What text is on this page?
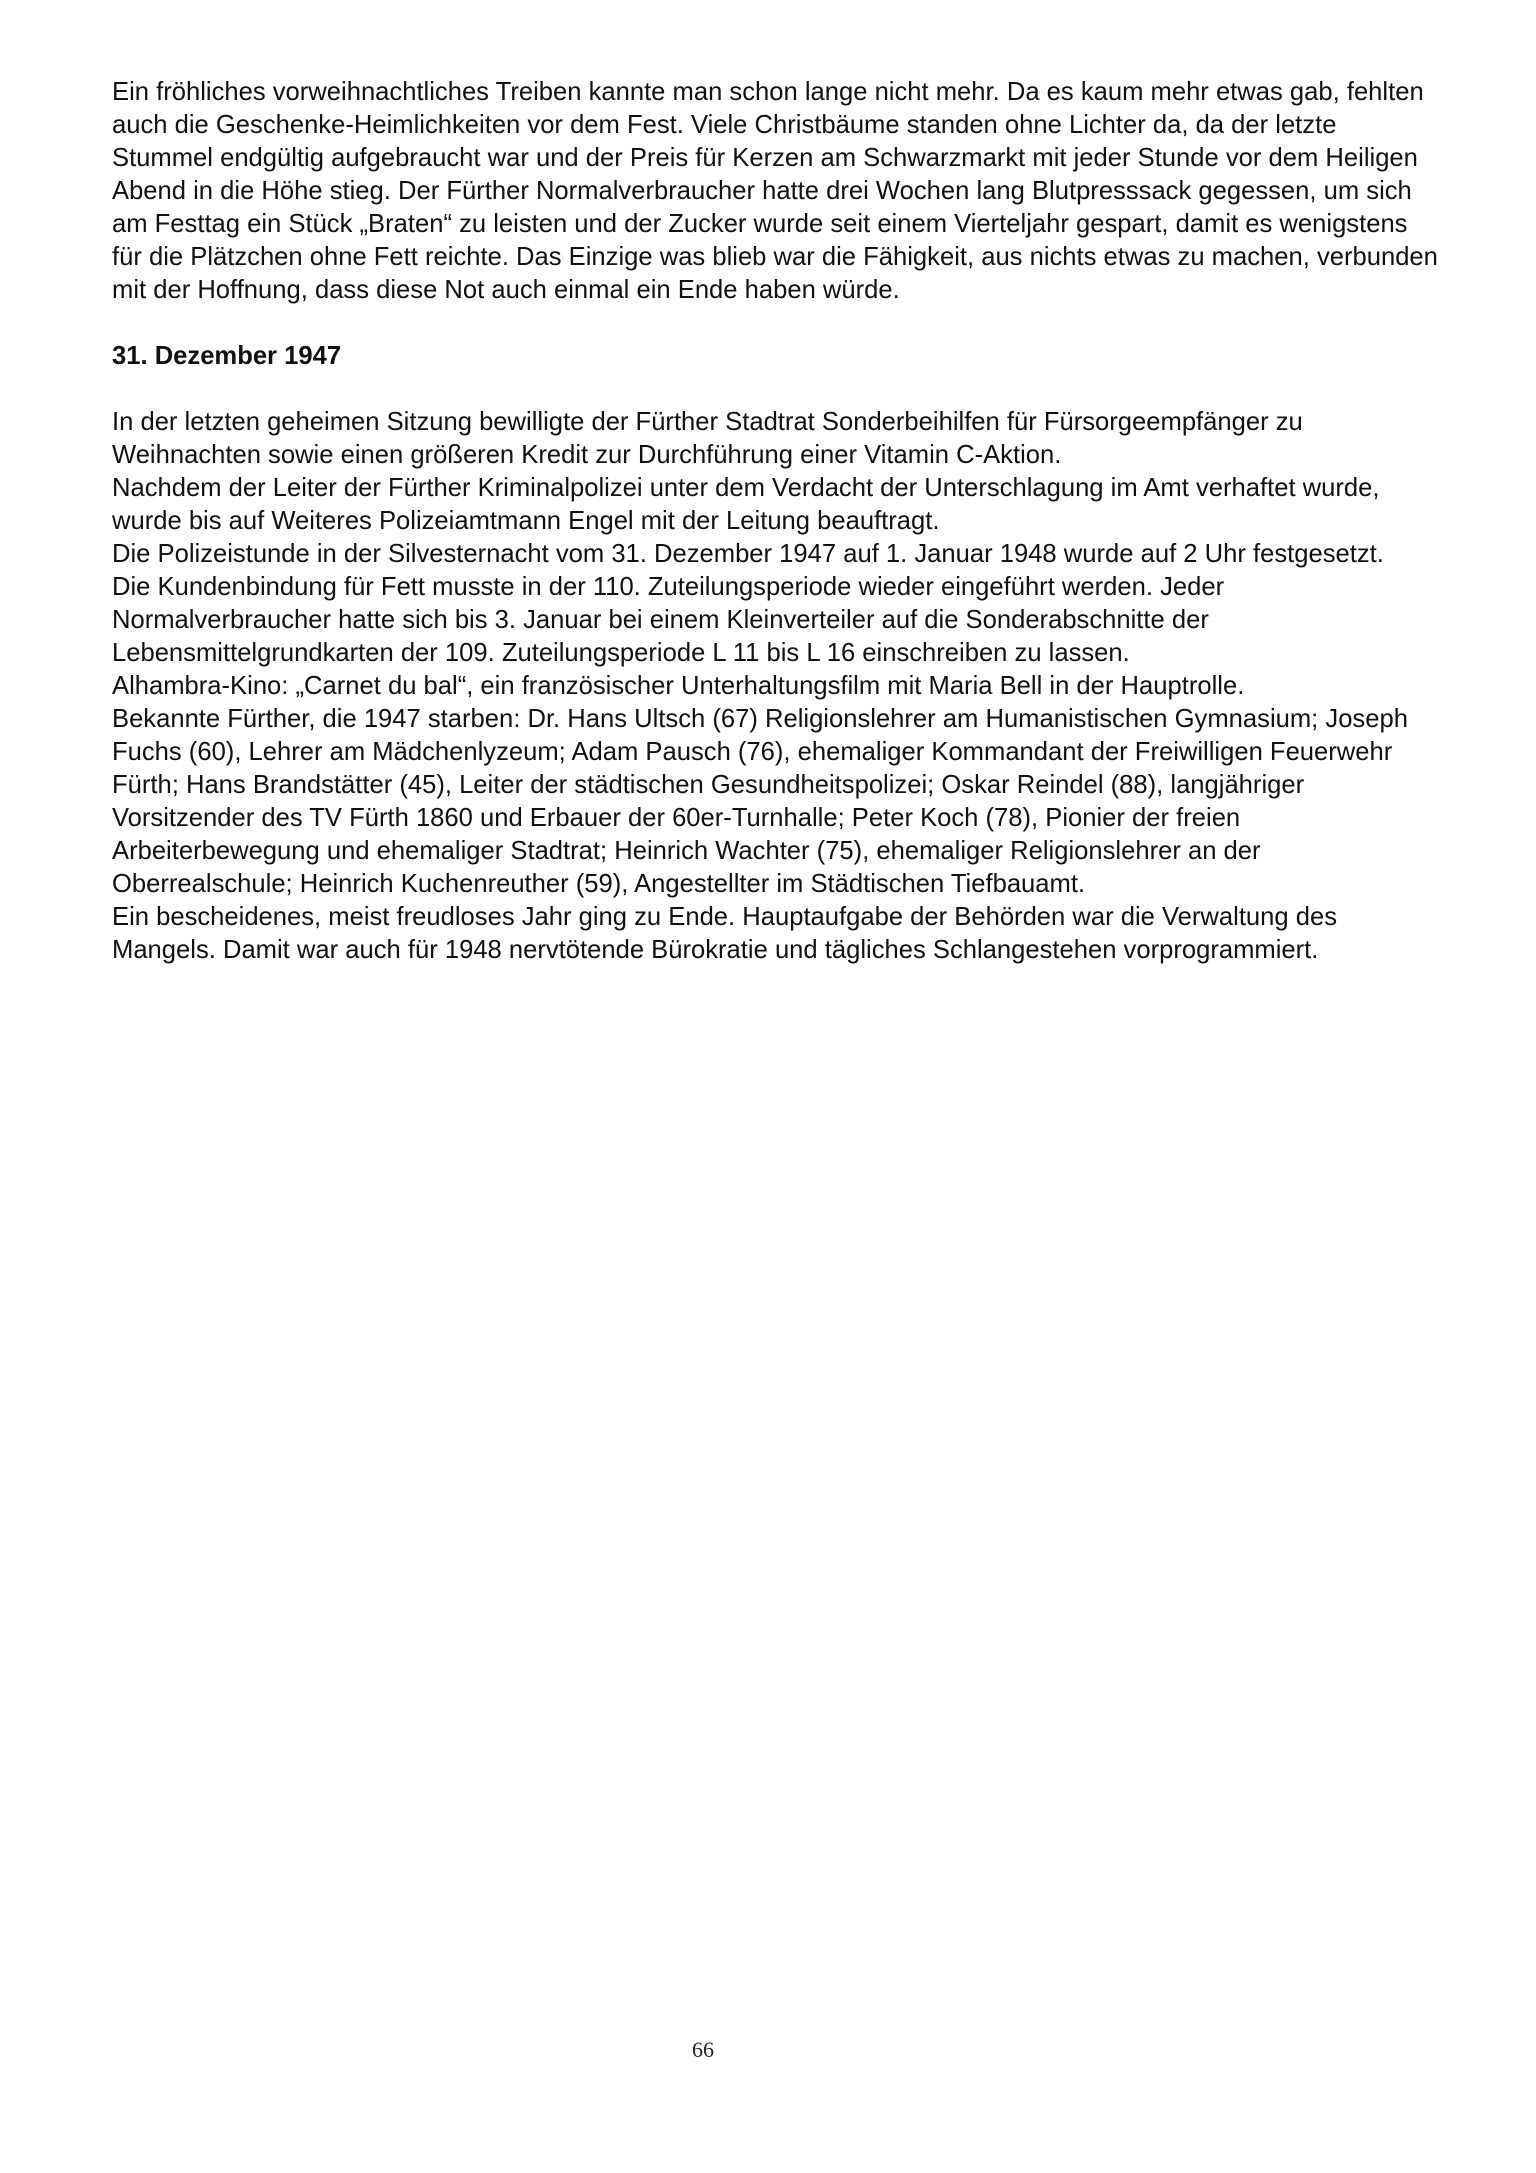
Ein fröhliches vorweihnachtliches Treiben kannte man schon lange nicht mehr. Da es kaum mehr etwas gab, fehlten auch die Geschenke-Heimlichkeiten vor dem Fest. Viele Christbäume standen ohne Lichter da, da der letzte Stummel endgültig aufgebraucht war und der Preis für Kerzen am Schwarzmarkt mit jeder Stunde vor dem Heiligen Abend in die Höhe stieg. Der Fürther Normalverbraucher hatte drei Wochen lang Blutpresssack gegessen, um sich am Festtag ein Stück „Braten“ zu leisten und der Zucker wurde seit einem Vierteljahr gespart, damit es wenigstens für die Plätzchen ohne Fett reichte. Das Einzige was blieb war die Fähigkeit, aus nichts etwas zu machen, verbunden mit der Hoffnung, dass diese Not auch einmal ein Ende haben würde.

31. Dezember 1947

In der letzten geheimen Sitzung bewilligte der Fürther Stadtrat Sonderbeihilfen für Fürsorgeempfänger zu Weihnachten sowie einen größeren Kredit zur Durchführung einer Vitamin C-Aktion.

Nachdem der Leiter der Fürther Kriminalpolizei unter dem Verdacht der Unterschlagung im Amt verhaftet wurde, wurde bis auf Weiteres Polizeiamtmann Engel mit der Leitung beauftragt.

Die Polizeistunde in der Silvesternacht vom 31. Dezember 1947 auf 1. Januar 1948 wurde auf 2 Uhr festgesetzt.

Die Kundenbindung für Fett musste in der 110. Zuteilungsperiode wieder eingeführt werden. Jeder Normalverbraucher hatte sich bis 3. Januar bei einem Kleinverteiler auf die Sonderabschnitte der Lebensmittelgrundkarten der 109. Zuteilungsperiode L 11 bis L 16 einschreiben zu lassen.

Alhambra-Kino: „Carnet du bal“, ein französischer Unterhaltungsfilm mit Maria Bell in der Hauptrolle.

Bekannte Fürther, die 1947 starben: Dr. Hans Ultsch (67) Religionslehrer am Humanistischen Gymnasium; Joseph Fuchs (60), Lehrer am Mädchenlyzeum; Adam Pausch (76), ehemaliger Kommandant der Freiwilligen Feuerwehr Fürth; Hans Brandstätter (45), Leiter der städtischen Gesundheitspolizei; Oskar Reindel (88), langjähriger Vorsitzender des TV Fürth 1860 und Erbauer der 60er-Turnhalle; Peter Koch (78), Pionier der freien Arbeiterbewegung und ehemaliger Stadtrat; Heinrich Wachter (75), ehemaliger Religionslehrer an der Oberrealschule; Heinrich Kuchenreuther (59), Angestellter im Städtischen Tiefbauamt.

Ein bescheidenes, meist freudloses Jahr ging zu Ende. Hauptaufgabe der Behörden war die Verwaltung des Mangels. Damit war auch für 1948 nervtötende Bürokratie und tägliches Schlangestehen vorprogrammiert.

66
